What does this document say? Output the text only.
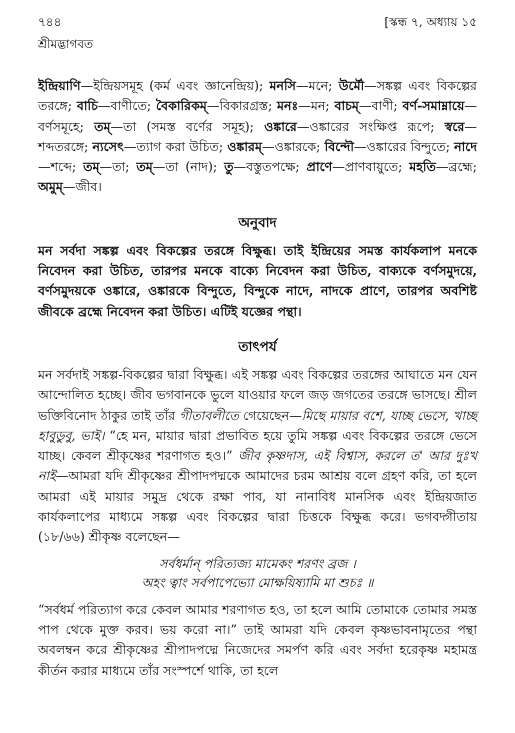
৭৪৪	[স্কন্ধ ৭, অধ্যায় ১৫
শ্রীমদ্ভাগবত

ইন্দ্রিয়াণি—ইন্দ্রিয়সমূহ (কর্ম এবং জ্ঞানেন্দ্রিয়); মনসি—মনে; উর্মৌ—সঙ্কল্প এবং বিকল্পের তরঙ্গে; বাচি—বাণীতে; বৈকারিকম্—বিকারগ্রস্ত; মনঃ—মন; বাচম্—বাণী; বর্ণ-সমাম্নায়ে—বর্ণসমূহে; তম্—তা (সমস্ত বর্ণের সমূহ); ওঙ্কারে—ওঙ্কারের সংক্ষিপ্ত রূপে; স্বরে—শব্দতরঙ্গে; ন্যসেৎ—ত্যাগ করা উচিত; ওঙ্কারম্—ওঙ্কারকে; বিন্দৌ—ওঙ্কারের বিন্দুতে; নাদে—শব্দে; তম্—তা; তম্—তা (নাদ); তু—বস্তুতপক্ষে; প্রাণে—প্রাণবায়ুতে; মহতি—ব্রহ্মে; অমুম্—জীব।

অনুবাদ

মন সর্বদা সঙ্কল্প এবং বিকল্পের তরঙ্গে বিক্ষুব্ধ। তাই ইন্দ্রিয়ের সমস্ত কার্যকলাপ মনকে নিবেদন করা উচিত, তারপর মনকে বাক্যে নিবেদন করা উচিত, বাক্যকে বর্ণসমুদয়ে, বর্ণসমুদয়কে ওঙ্কারে, ওঙ্কারকে বিন্দুতে, বিন্দুকে নাদে, নাদকে প্রাণে, তারপর অবশিষ্ট জীবকে ব্রহ্মে নিবেদন করা উচিত। এটিই যজ্ঞের পন্থা।

তাৎপর্য

মন সর্বদাই সঙ্কল্প-বিকল্পের দ্বারা বিক্ষুব্ধ। এই সঙ্কল্প এবং বিকল্পের তরঙ্গের আঘাতে মন যেন আন্দোলিত হচ্ছে। জীব ভগবানকে ভুলে যাওয়ার ফলে জড় জগতের তরঙ্গে ভাসছে। শ্রীল ভক্তিবিনোদ ঠাকুর তাই তাঁর গীতাবলীতে গেয়েছেন—মিছে মায়ার বশে, যাচ্ছ ভেসে, খাচ্ছ হাবুডুবু, ভাই। “হে মন, মায়ার দ্বারা প্রভাবিত হয়ে তুমি সঙ্কল্প এবং বিকল্পের তরঙ্গে ভেসে যাচ্ছ। কেবল শ্রীকৃষ্ণের শরণাগত হও।” জীব কৃষ্ণদাস, এই বিশ্বাস, করলে ত' আর দুঃখ নাই—আমরা যদি শ্রীকৃষ্ণের শ্রীপাদপদ্মকে আমাদের চরম আশ্রয় বলে গ্রহণ করি, তা হলে আমরা এই মায়ার সমুদ্র থেকে রক্ষা পাব, যা নানাবিধ মানসিক এবং ইন্দ্রিয়জাত কার্যকলাপের মাধ্যমে সঙ্কল্প এবং বিকল্পের দ্বারা চিত্তকে বিক্ষুব্ধ করে। ভগবদ্গীতায় (১৮/৬৬) শ্রীকৃষ্ণ বলেছেন—

সর্বধর্মান্ পরিত্যজ্য মামেকং শরণং ব্রজ ।
অহং ত্বাং সর্বপাপেভ্যো মোক্ষয়িষ্যামি মা শুচঃ ॥

“সর্বধর্ম পরিত্যাগ করে কেবল আমার শরণাগত হও, তা হলে আমি তোমাকে তোমার সমস্ত পাপ থেকে মুক্ত করব। ভয় করো না।” তাই আমরা যদি কেবল কৃষ্ণভাবনামৃতের পন্থা অবলম্বন করে শ্রীকৃষ্ণের শ্রীপাদপদ্মে নিজেদের সমর্পণ করি এবং সর্বদা হরেকৃষ্ণ মহামন্ত্র কীর্তন করার মাধ্যমে তাঁর সংস্পর্শে থাকি, তা হলে
